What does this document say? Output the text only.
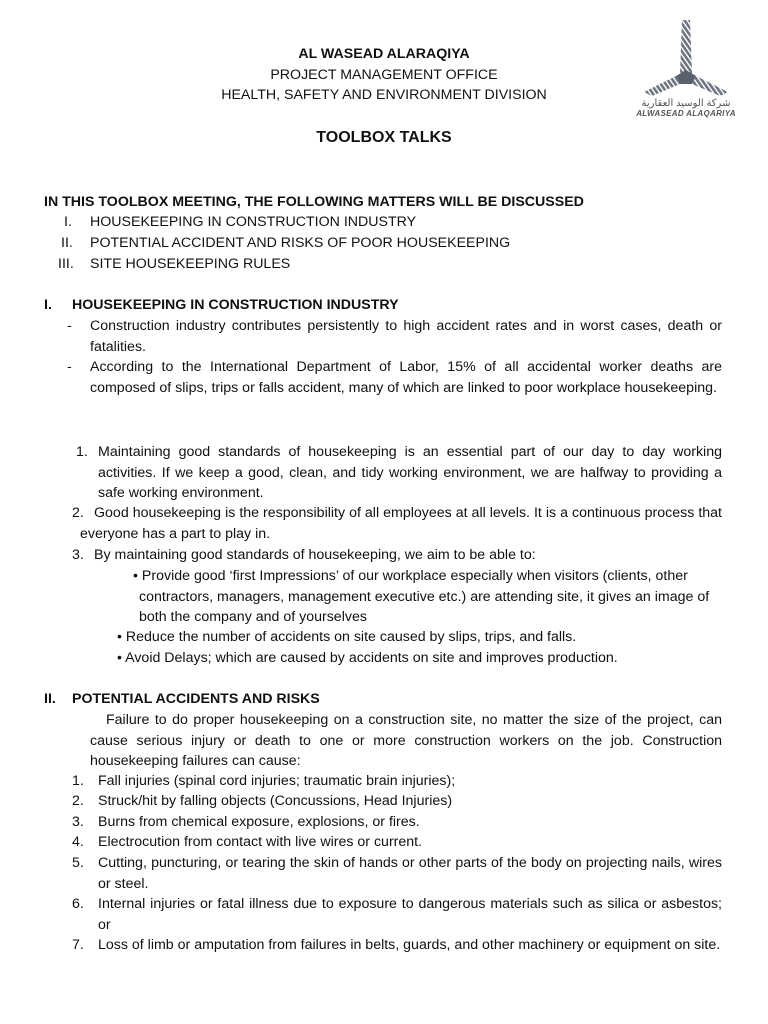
AL WASEAD ALARAQIYA
PROJECT MANAGEMENT OFFICE
HEALTH, SAFETY AND ENVIRONMENT DIVISION
TOOLBOX TALKS
شركة الوسيد العقارية
ALWASEAD ALAQARIYA
IN THIS TOOLBOX MEETING, THE FOLLOWING MATTERS WILL BE DISCUSSED
I. HOUSEKEEPING IN CONSTRUCTION INDUSTRY
II. POTENTIAL ACCIDENT AND RISKS OF POOR HOUSEKEEPING
III. SITE HOUSEKEEPING RULES
I. HOUSEKEEPING IN CONSTRUCTION INDUSTRY
- Construction industry contributes persistently to high accident rates and in worst cases, death or fatalities.
- According to the International Department of Labor, 15% of all accidental worker deaths are composed of slips, trips or falls accident, many of which are linked to poor workplace housekeeping.
1. Maintaining good standards of housekeeping is an essential part of our day to day working activities. If we keep a good, clean, and tidy working environment, we are halfway to providing a safe working environment.
2. Good housekeeping is the responsibility of all employees at all levels. It is a continuous process that everyone has a part to play in.
3. By maintaining good standards of housekeeping, we aim to be able to:
• Provide good ‘first Impressions’ of our workplace especially when visitors (clients, other contractors, managers, management executive etc.) are attending site, it gives an image of both the company and of yourselves
• Reduce the number of accidents on site caused by slips, trips, and falls.
• Avoid Delays; which are caused by accidents on site and improves production.
II. POTENTIAL ACCIDENTS AND RISKS
Failure to do proper housekeeping on a construction site, no matter the size of the project, can cause serious injury or death to one or more construction workers on the job. Construction housekeeping failures can cause:
1. Fall injuries (spinal cord injuries; traumatic brain injuries);
2. Struck/hit by falling objects (Concussions, Head Injuries)
3. Burns from chemical exposure, explosions, or fires.
4. Electrocution from contact with live wires or current.
5. Cutting, puncturing, or tearing the skin of hands or other parts of the body on projecting nails, wires or steel.
6. Internal injuries or fatal illness due to exposure to dangerous materials such as silica or asbestos; or
7. Loss of limb or amputation from failures in belts, guards, and other machinery or equipment on site.
